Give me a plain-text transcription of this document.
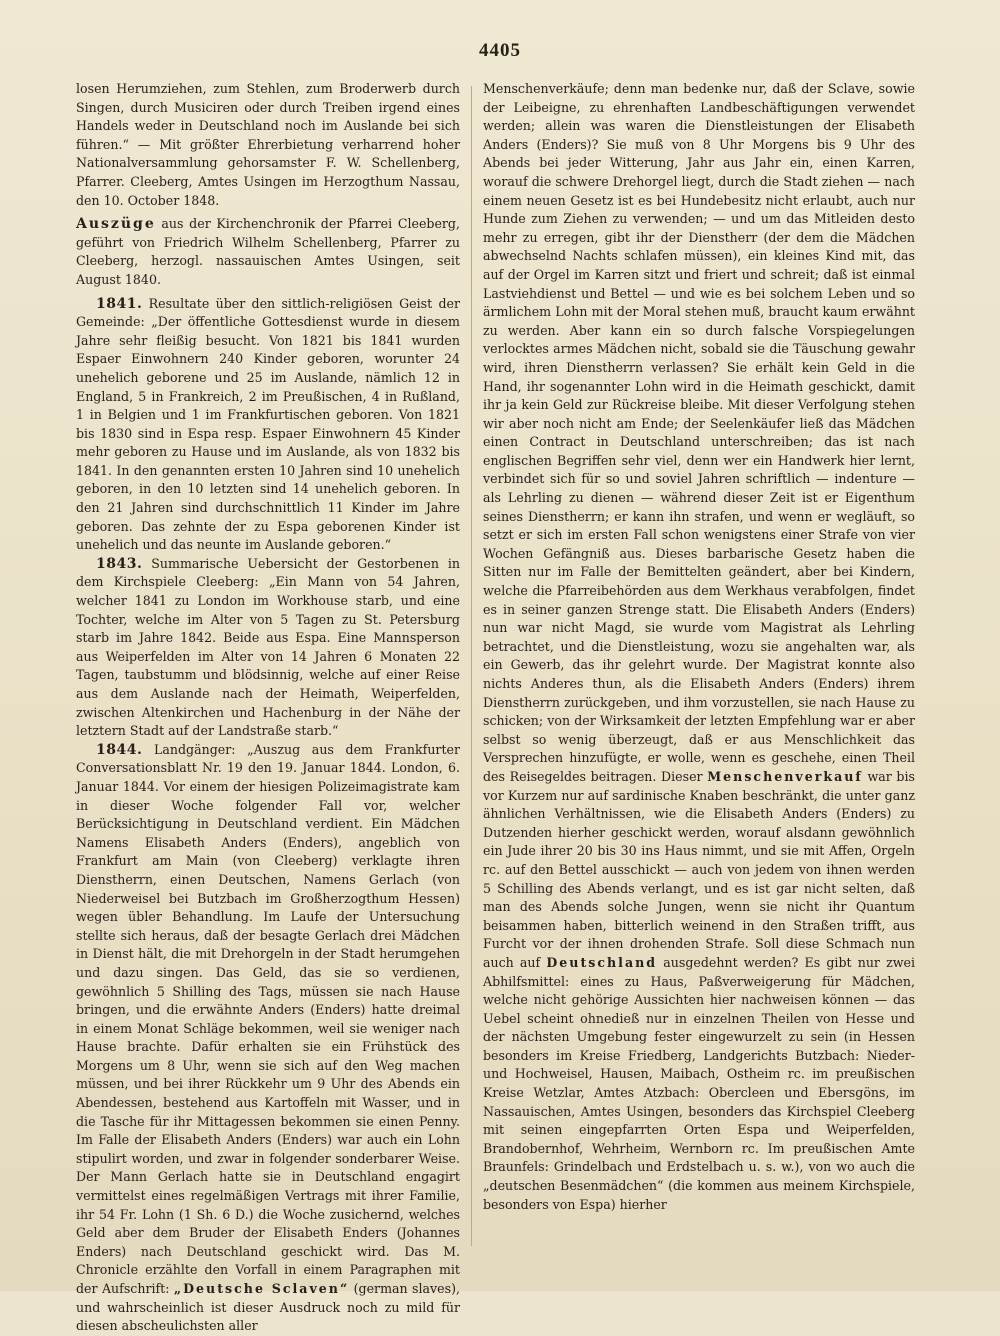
4405

losen Herumziehen, zum Stehlen, zum Broderwerb durch Singen, durch Musiciren oder durch Treiben irgend eines Handels weder in Deutschland noch im Auslande bei sich führen.“ — Mit größter Ehrerbietung verharrend hoher Nationalversammlung gehorsamster F. W. Schellenberg, Pfarrer. Cleeberg, Amtes Usingen im Herzogthum Nassau, den 10. October 1848.

Auszüge aus der Kirchenchronik der Pfarrei Cleeberg, geführt von Friedrich Wilhelm Schellenberg, Pfarrer zu Cleeberg, herzogl. nassauischen Amtes Usingen, seit August 1840.

1841. Resultate über den sittlich-religiösen Geist der Gemeinde: „Der öffentliche Gottesdienst wurde in diesem Jahre sehr fleißig besucht. Von 1821 bis 1841 wurden Espaer Einwohnern 240 Kinder geboren, worunter 24 unehelich geborene und 25 im Auslande, nämlich 12 in England, 5 in Frankreich, 2 im Preußischen, 4 in Rußland, 1 in Belgien und 1 im Frankfurtischen geboren. Von 1821 bis 1830 sind in Espa resp. Espaer Einwohnern 45 Kinder mehr geboren zu Hause und im Auslande, als von 1832 bis 1841. In den genannten ersten 10 Jahren sind 10 unehelich geboren, in den 10 letzten sind 14 unehelich geboren. In den 21 Jahren sind durchschnittlich 11 Kinder im Jahre geboren. Das zehnte der zu Espa geborenen Kinder ist unehelich und das neunte im Auslande geboren.“

1843. Summarische Uebersicht der Gestorbenen in dem Kirchspiele Cleeberg: „Ein Mann von 54 Jahren, welcher 1841 zu London im Workhouse starb, und eine Tochter, welche im Alter von 5 Tagen zu St. Petersburg starb im Jahre 1842. Beide aus Espa. Eine Mannsperson aus Weiperfelden im Alter von 14 Jahren 6 Monaten 22 Tagen, taubstumm und blödsinnig, welche auf einer Reise aus dem Auslande nach der Heimath, Weiperfelden, zwischen Altenkirchen und Hachenburg in der Nähe der letztern Stadt auf der Landstraße starb.“

1844. Landgänger: „Auszug aus dem Frankfurter Conversationsblatt Nr. 19 den 19. Januar 1844. London, 6. Januar 1844. Vor einem der hiesigen Polizeimagistrate kam in dieser Woche folgender Fall vor, welcher Berücksichtigung in Deutschland verdient. Ein Mädchen Namens Elisabeth Anders (Enders), angeblich von Frankfurt am Main (von Cleeberg) verklagte ihren Dienstherrn, einen Deutschen, Namens Gerlach (von Niederweisel bei Butzbach im Großherzogthum Hessen) wegen übler Behandlung. Im Laufe der Untersuchung stellte sich heraus, daß der besagte Gerlach drei Mädchen in Dienst hält, die mit Drehorgeln in der Stadt herumgehen und dazu singen. Das Geld, das sie so verdienen, gewöhnlich 5 Shilling des Tags, müssen sie nach Hause bringen, und die erwähnte Anders (Enders) hatte dreimal in einem Monat Schläge bekommen, weil sie weniger nach Hause brachte. Dafür erhalten sie ein Frühstück des Morgens um 8 Uhr, wenn sie sich auf den Weg machen müssen, und bei ihrer Rückkehr um 9 Uhr des Abends ein Abendessen, bestehend aus Kartoffeln mit Wasser, und in die Tasche für ihr Mittagessen bekommen sie einen Penny. Im Falle der Elisabeth Anders (Enders) war auch ein Lohn stipulirt worden, und zwar in folgender sonderbarer Weise. Der Mann Gerlach hatte sie in Deutschland engagirt vermittelst eines regelmäßigen Vertrags mit ihrer Familie, ihr 54 Fr. Lohn (1 Sh. 6 D.) die Woche zusichernd, welches Geld aber dem Bruder der Elisabeth Enders (Johannes Enders) nach Deutschland geschickt wird. Das M. Chronicle erzählte den Vorfall in einem Paragraphen mit der Aufschrift: „Deutsche Sclaven“ (german slaves), und wahrscheinlich ist dieser Ausdruck noch zu mild für diesen abscheulichsten aller

Menschenverkäufe; denn man bedenke nur, daß der Sclave, sowie der Leibeigne, zu ehrenhaften Landbeschäftigungen verwendet werden; allein was waren die Dienstleistungen der Elisabeth Anders (Enders)? Sie muß von 8 Uhr Morgens bis 9 Uhr des Abends bei jeder Witterung, Jahr aus Jahr ein, einen Karren, worauf die schwere Drehorgel liegt, durch die Stadt ziehen — nach einem neuen Gesetz ist es bei Hundebesitz nicht erlaubt, auch nur Hunde zum Ziehen zu verwenden; — und um das Mitleiden desto mehr zu erregen, gibt ihr der Dienstherr (der dem die Mädchen abwechselnd Nachts schlafen müssen), ein kleines Kind mit, das auf der Orgel im Karren sitzt und friert und schreit; daß ist einmal Lastviehdienst und Bettel — und wie es bei solchem Leben und so ärmlichem Lohn mit der Moral stehen muß, braucht kaum erwähnt zu werden. Aber kann ein so durch falsche Vorspiegelungen verlocktes armes Mädchen nicht, sobald sie die Täuschung gewahr wird, ihren Dienstherrn verlassen? Sie erhält kein Geld in die Hand, ihr sogenannter Lohn wird in die Heimath geschickt, damit ihr ja kein Geld zur Rückreise bleibe. Mit dieser Verfolgung stehen wir aber noch nicht am Ende; der Seelenkäufer ließ das Mädchen einen Contract in Deutschland unterschreiben; das ist nach englischen Begriffen sehr viel, denn wer ein Handwerk hier lernt, verbindet sich für so und soviel Jahren schriftlich — indenture — als Lehrling zu dienen — während dieser Zeit ist er Eigenthum seines Dienstherrn; er kann ihn strafen, und wenn er wegläuft, so setzt er sich im ersten Fall schon wenigstens einer Strafe von vier Wochen Gefängniß aus. Dieses barbarische Gesetz haben die Sitten nur im Falle der Bemittelten geändert, aber bei Kindern, welche die Pfarreibehörden aus dem Werkhaus verabfolgen, findet es in seiner ganzen Strenge statt. Die Elisabeth Anders (Enders) nun war nicht Magd, sie wurde vom Magistrat als Lehrling betrachtet, und die Dienstleistung, wozu sie angehalten war, als ein Gewerb, das ihr gelehrt wurde. Der Magistrat konnte also nichts Anderes thun, als die Elisabeth Anders (Enders) ihrem Dienstherrn zurückgeben, und ihm vorzustellen, sie nach Hause zu schicken; von der Wirksamkeit der letzten Empfehlung war er aber selbst so wenig überzeugt, daß er aus Menschlichkeit das Versprechen hinzufügte, er wolle, wenn es geschehe, einen Theil des Reisegeldes beitragen. Dieser Menschenverkauf war bis vor Kurzem nur auf sardinische Knaben beschränkt, die unter ganz ähnlichen Verhältnissen, wie die Elisabeth Anders (Enders) zu Dutzenden hierher geschickt werden, worauf alsdann gewöhnlich ein Jude ihrer 20 bis 30 ins Haus nimmt, und sie mit Affen, Orgeln rc. auf den Bettel ausschickt — auch von jedem von ihnen werden 5 Schilling des Abends verlangt, und es ist gar nicht selten, daß man des Abends solche Jungen, wenn sie nicht ihr Quantum beisammen haben, bitterlich weinend in den Straßen trifft, aus Furcht vor der ihnen drohenden Strafe. Soll diese Schmach nun auch auf Deutschland ausgedehnt werden? Es gibt nur zwei Abhilfsmittel: eines zu Haus, Paßverweigerung für Mädchen, welche nicht gehörige Aussichten hier nachweisen können — das Uebel scheint ohnedieß nur in einzelnen Theilen von Hesse und der nächsten Umgebung fester eingewurzelt zu sein (in Hessen besonders im Kreise Friedberg, Landgerichts Butzbach: Nieder- und Hochweisel, Hausen, Maibach, Ostheim rc. im preußischen Kreise Wetzlar, Amtes Atzbach: Obercleen und Ebersgöns, im Nassauischen, Amtes Usingen, besonders das Kirchspiel Cleeberg mit seinen eingepfarrten Orten Espa und Weiperfelden, Brandobernhof, Wehrheim, Wernborn rc. Im preußischen Amte Braunfels: Grindelbach und Erdstelbach u. s. w.), von wo auch die „deutschen Besenmädchen“ (die kommen aus meinem Kirchspiele, besonders von Espa) hierher
